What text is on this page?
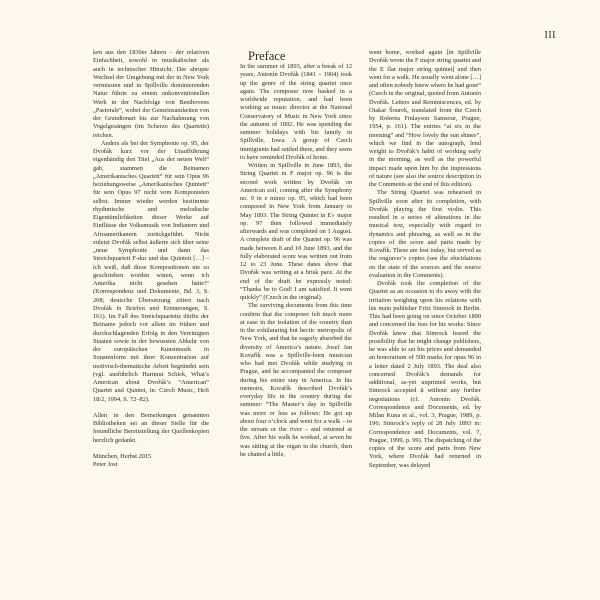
III

ken aus den 1830er Jahren – der relativen Einfachheit, sowohl in musikalischer als auch in technischer Hinsicht. Der abrupte Wechsel der Umgebung mit der in New York vermissten und in Spillville dominierenden Natur führte zu einem unkonventionellen Werk in der Nachfolge von Beethovens „Pastorale“, wobei der Gemeinsamkeiten von der Grundtonart bis zur Nachahmung von Vogelgesängen (im Scherzo des Quartetts) reichen.

Anders als bei der Symphonie op. 95, der Dvořák kurz vor der Uraufführung eigenhändig den Titel „Aus der neuen Welt“ gab, stammen die Beinamen „Amerikanisches Quartett“ für sein Opus 96 beziehungsweise „Amerikanisches Quintett“ für sein Opus 97 nicht vom Komponisten selbst. Immer wieder werden bestimmte rhythmische und melodische Eigentümlichkeiten dieser Werke auf Einflüsse der Volksmusik von Indianern und Afroamerikanern zurückgeführt. Nicht zuletzt Dvořák selbst äußerte sich über seine „neue Symphonie und dann das Streichquartett F-dur und das Quintett […] – ich weiß, daß diese Kompositionen nie so geschrieben worden wären, wenn ich Amerika nicht gesehen hätte!“ (Korrespondenz und Dokumente, Bd. 3, S. 208; deutsche Übersetzung zitiert nach Dvořák in Briefen und Erinnerungen, S. 161). Im Fall des Streichquartetts dürfte der Beiname jedoch vor allem im frühen und durchschlagenden Erfolg in den Vereinigten Staaten sowie in der bewussten Abkehr von der europäischen Kunstmusik in Sonatenform mit ihrer Konzentration auf motivisch-thematische Arbeit begründet sein (vgl. ausführlich Hartmut Schick, What’s American about Dvořák’s “American” Quartet and Quintet, in: Czech Music, Heft 18/2, 1994, S. 72–82).

Allen in den Bemerkungen genannten Bibliotheken sei an dieser Stelle für die freundliche Bereitstellung der Quellenkopien herzlich gedankt.

München, Herbst 2015

Peter Jost

Preface

In the summer of 1893, after a break of 12 years, Antonín Dvořák (1841 – 1904) took up the genre of the string quartet once again. The composer now basked in a worldwide reputation, and had been working as music director at the National Conservatory of Music in New York since the autumn of 1892. He was spending the summer holidays with his family in Spillville, Iowa. A group of Czech immigrants had settled there, and they seem to have reminded Dvořák of home.

Written in Spillville in June 1893, the String Quartet in F major op. 96 is the second work written by Dvořák on American soil, coming after the Symphony no. 9 in e minor op. 95, which had been composed in New York from January to May 1893. The String Quintet in E♭ major op. 97 then followed immediately afterwards and was completed on 1 August. A complete draft of the Quartet op. 96 was made between 8 and 10 June 1893, and the fully elaborated score was written out from 12 to 23 June. These dates show that Dvořák was writing at a brisk pace. At the end of the draft he expressly noted: “Thanks be to God! I am satisfied. It went quickly” (Czech in the original).

The surviving documents from this time confirm that the composer felt much more at ease in the isolation of the country than in the exhilarating but hectic metropolis of New York, and that he eagerly absorbed the diversity of America’s nature. Josef Jan Kovařík was a Spillville-born musician who had met Dvořák while studying in Prague, and he accompanied the composer during his entire stay in America. In his memoirs, Kovařík described Dvořák’s everyday life in the country during the summer: “The Master’s day in Spillville was more or less as follows: He got up about four o’clock and went for a walk – to the stream or the river – and returned at five. After his walk he worked, at seven he was sitting at the organ in the church, then he chatted a little,

went home, worked again [in Spillville Dvořák wrote the F major string quartet and the E flat major string quintet] and then went for a walk. He usually went alone […] and often nobody knew where he had gone” (Czech in the original, quoted from Antonín Dvořák. Letters and Reminiscences, ed. by Otakar Šourek, translated from the Czech by Roberta Finlayson Samsour, Prague, 1954, p. 161). The entries “at six in the morning” and “How lovely the sun shines”, which we find in the autograph, lend weight to Dvořák’s habit of working early in the morning, as well as the powerful impact made upon him by the impressions of nature (see also the source description in the Comments at the end of this edition).

The String Quartet was rehearsed in Spillville soon after its completion, with Dvořák playing the first violin. This resulted in a series of alterations in the musical text, especially with regard to dynamics and phrasing, as well as in the copies of the score and parts made by Kovařík. These are lost today, but served as the engraver’s copies (see the elucidations on the state of the sources and the source evaluation in the Comments).

Dvořák took the completion of the Quartet as an occasion to do away with the irritation weighing upon his relations with his main publisher Fritz Simrock in Berlin. This had been going on since October 1890 and concerned the fees for his works: Since Dvořák knew that Simrock feared the possibility that he might change publishers, he was able to set his prices and demanded an honorarium of 500 marks for opus 96 in a letter dated 2 July 1893. The deal also concerned Dvořák’s demands for additional, as-yet unprinted works, but Simrock accepted it without any further negotiations (cf. Antonín Dvořák. Correspondence and Documents, ed. by Milan Kuna et al., vol. 3, Prague, 1989, p. 196; Simrock’s reply of 28 July 1893 in: Correspondence and Documents, vol. 7, Prague, 1999, p. 99). The dispatching of the copies of the score and parts from New York, where Dvořák had returned in September, was delayed
